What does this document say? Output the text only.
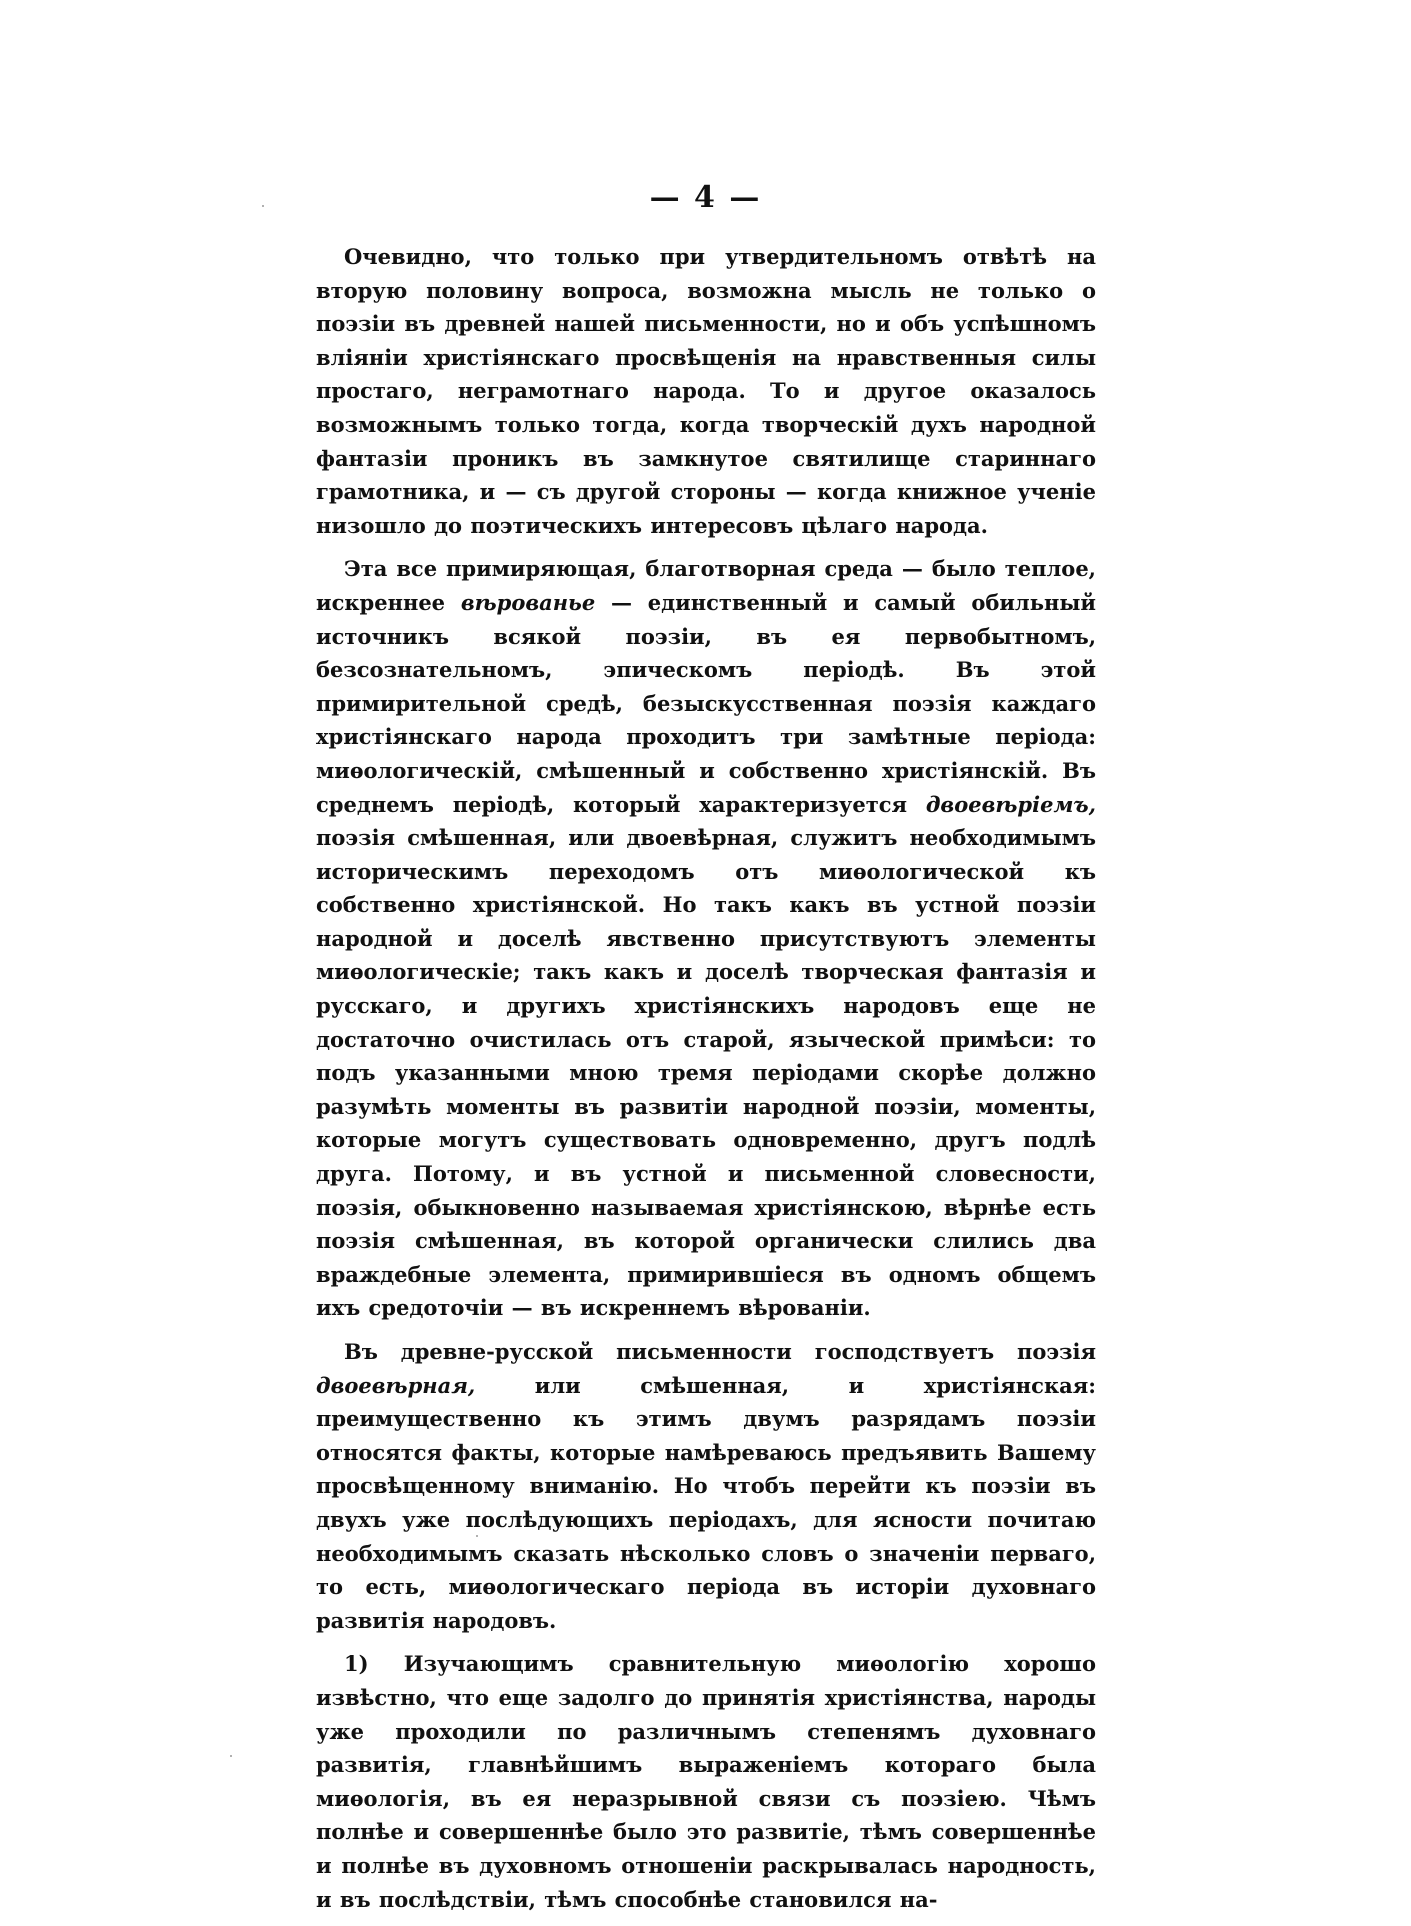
— 4 —

Очевидно, что только при утвердительномъ отвѣтѣ на вторую половину вопроса, возможна мысль не только о поэзіи въ древней нашей письменности, но и объ успѣшномъ вліяніи христіянскаго просвѣщенія на нравственныя силы простаго, неграмотнаго народа. То и другое оказалось возможнымъ только тогда, когда творческій духъ народной фантазіи проникъ въ замкнутое святилище стариннаго грамотника, и — съ другой стороны — когда книжное ученіе низошло до поэтическихъ интересовъ цѣлаго народа.

Эта все примиряющая, благотворная среда — было теплое, искреннее вѣрованье — единственный и самый обильный источникъ всякой поэзіи, въ ея первобытномъ, безсознательномъ, эпическомъ періодѣ. Въ этой примирительной средѣ, безыскусственная поэзія каждаго христіянскаго народа проходитъ три замѣтные періода: миѳологическій, смѣшенный и собственно христіянскій. Въ среднемъ періодѣ, который характеризуется двоевѣріемъ, поэзія смѣшенная, или двоевѣрная, служитъ необходимымъ историческимъ переходомъ отъ миѳологической къ собственно христіянской. Но такъ какъ въ устной поэзіи народной и доселѣ явственно присутствуютъ элементы миѳологическіе; такъ какъ и доселѣ творческая фантазія и русскаго, и другихъ христіянскихъ народовъ еще не достаточно очистилась отъ старой, языческой примѣси: то подъ указанными мною тремя періодами скорѣе должно разумѣть моменты въ развитіи народной поэзіи, моменты, которые могутъ существовать одновременно, другъ подлѣ друга. Потому, и въ устной и письменной словесности, поэзія, обыкновенно называемая христіянскою, вѣрнѣе есть поэзія смѣшенная, въ которой органически слились два враждебные элемента, примирившіеся въ одномъ общемъ ихъ средоточіи — въ искреннемъ вѣрованіи.

Въ древне-русской письменности господствуетъ поэзія двоевѣрная, или смѣшенная, и христіянская: преимущественно къ этимъ двумъ разрядамъ поэзіи относятся факты, которые намѣреваюсь предъявить Вашему просвѣщенному вниманію. Но чтобъ перейти къ поэзіи въ двухъ уже послѣдующихъ періодахъ, для ясности почитаю необходимымъ сказать нѣсколько словъ о значеніи перваго, то есть, миѳологическаго періода въ исторіи духовнаго развитія народовъ.

1) Изучающимъ сравнительную миѳологію хорошо извѣстно, что еще задолго до принятія христіянства, народы уже проходили по различнымъ степенямъ духовнаго развитія, главнѣйшимъ выраженіемъ котораго была миѳологія, въ ея неразрывной связи съ поэзіею. Чѣмъ полнѣе и совершеннѣе было это развитіе, тѣмъ совершеннѣе и полнѣе въ духовномъ отношеніи раскрывалась народность, и въ послѣдствіи, тѣмъ способнѣе становился на-
